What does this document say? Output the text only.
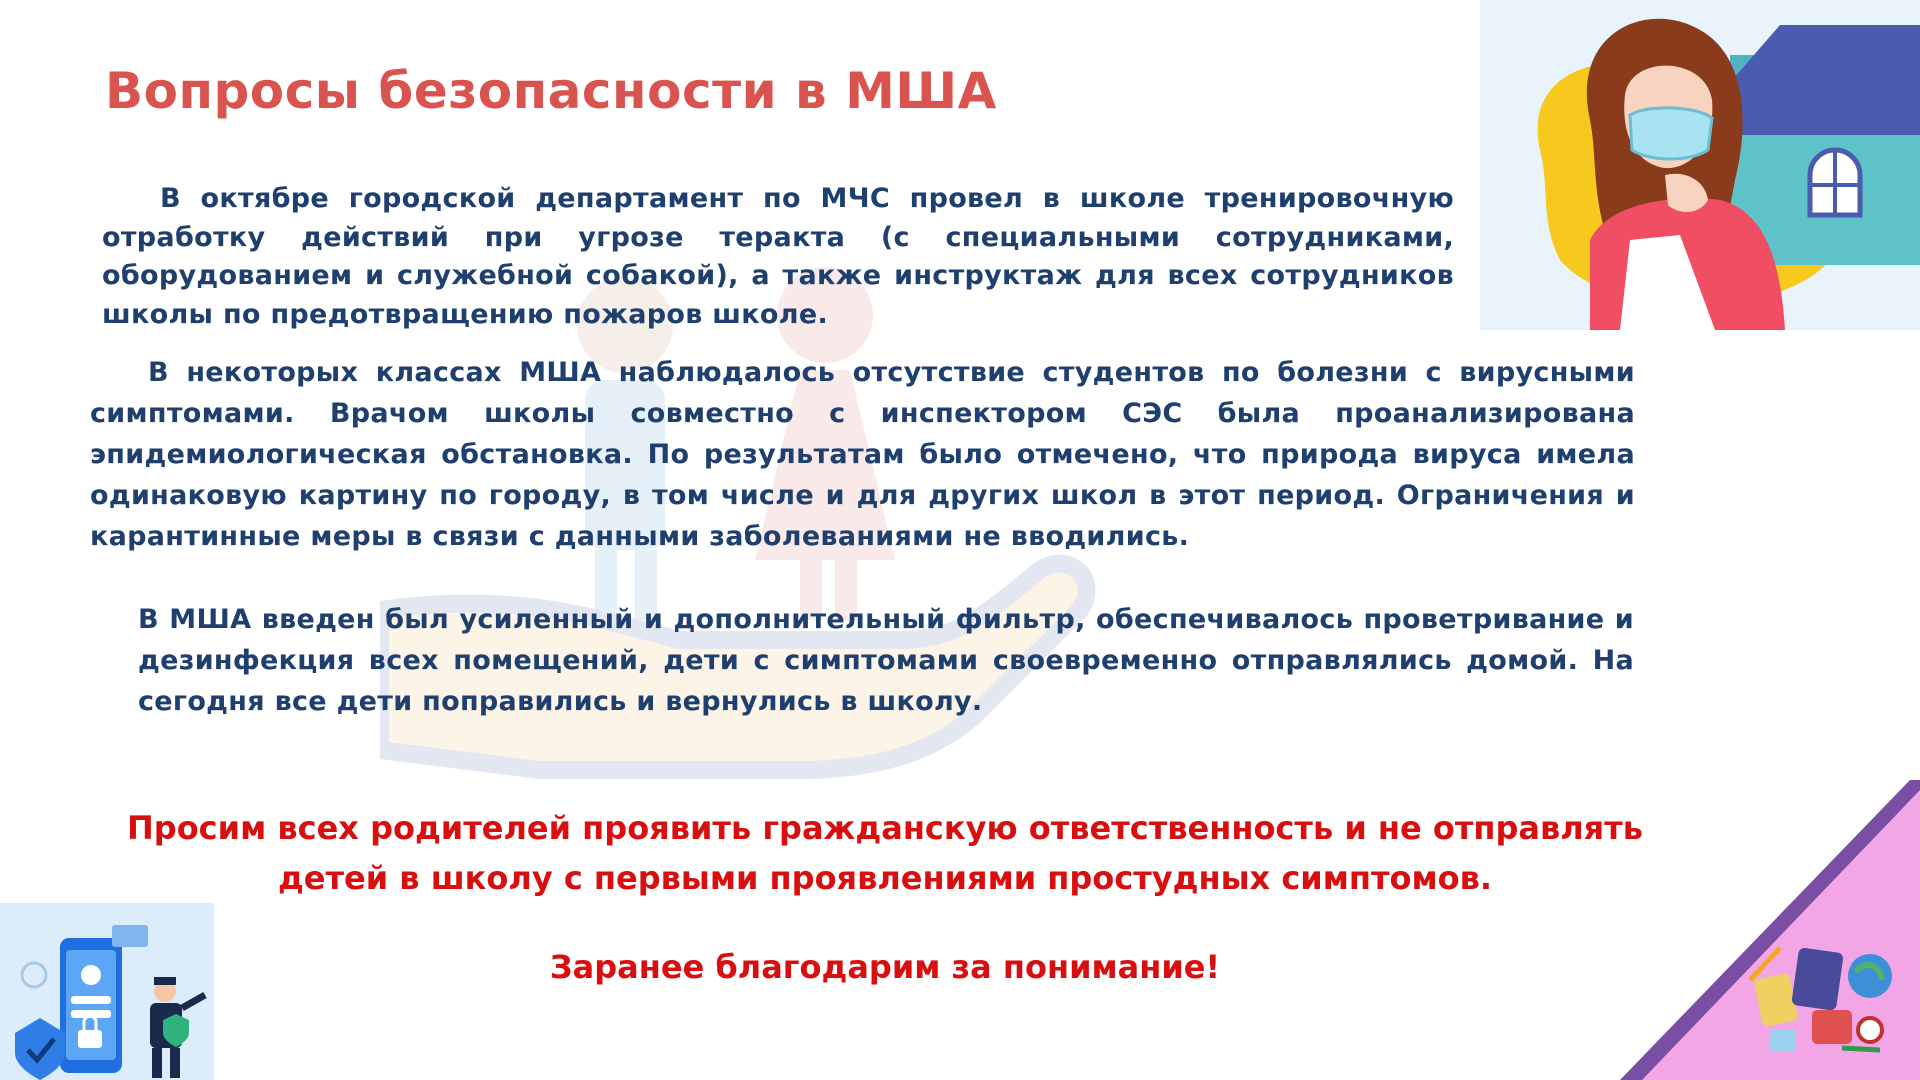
Вопросы безопасности в МША

В октябре городской департамент по МЧС провел в школе тренировочную отработку действий при угрозе теракта (с специальными сотрудниками, оборудованием и служебной собакой), а также инструктаж для всех сотрудников школы по предотвращению пожаров школе.

В некоторых классах МША наблюдалось отсутствие студентов по болезни с вирусными симптомами. Врачом школы совместно с инспектором СЭС была проанализирована эпидемиологическая обстановка. По результатам было отмечено, что природа вируса имела одинаковую картину по городу, в том числе и для других школ в этот период. Ограничения и карантинные меры в связи с данными заболеваниями не вводились.

В МША введен был усиленный и дополнительный фильтр, обеспечивалось проветривание и дезинфекция всех помещений, дети с симптомами своевременно отправлялись домой. На сегодня все дети поправились и вернулись в школу.

Просим всех родителей проявить гражданскую ответственность и не отправлять детей в школу с первыми проявлениями простудных симптомов.

Заранее благодарим за понимание!
